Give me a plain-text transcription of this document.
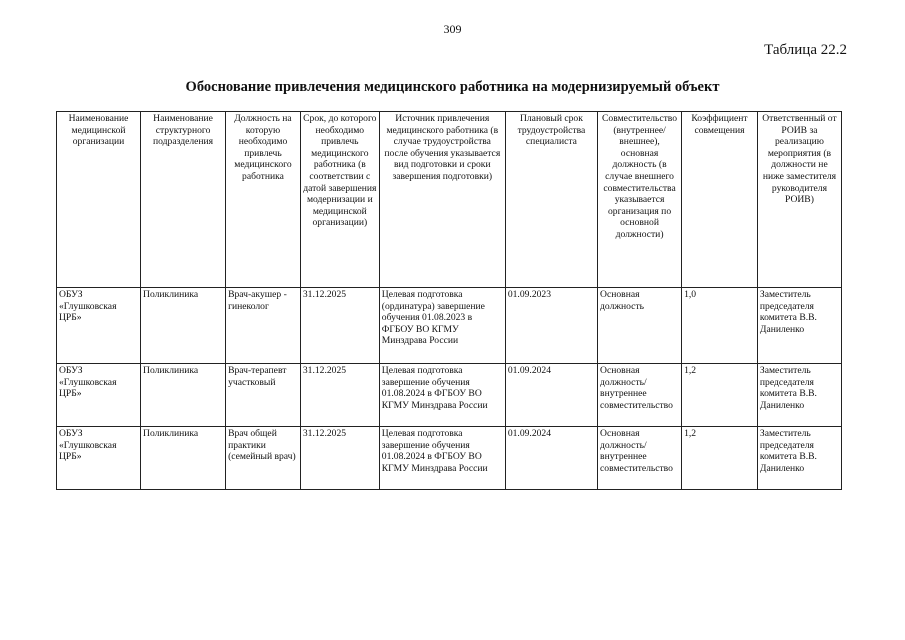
309
Таблица 22.2
Обоснование привлечения медицинского работника на модернизируемый объект
Наименование медицинской организации	Наименование структурного подразделения	Должность на которую необходимо привлечь медицинского работника	Срок, до которого необходимо привлечь медицинского работника (в соответствии с датой завершения модернизации и медицинской организации)	Источник привлечения медицинского работника (в случае трудоустройства после обучения указывается вид подготовки и сроки завершения подготовки)	Плановый срок трудоустройства специалиста	Совместительство (внутреннее/ внешнее), основная должность (в случае внешнего совместительства указывается организация по основной должности)	Коэффициент совмещения	Ответственный от РОИВ за реализацию мероприятия (в должности не ниже заместителя руководителя РОИВ)
ОБУЗ «Глушковская ЦРБ»	Поликлиника	Врач-акушер - гинеколог	31.12.2025	Целевая подготовка (ординатура) завершение обучения 01.08.2023 в ФГБОУ ВО КГМУ Минздрава России	01.09.2023	Основная должность	1,0	Заместитель председателя комитета В.В. Даниленко
ОБУЗ «Глушковская ЦРБ»	Поликлиника	Врач-терапевт участковый	31.12.2025	Целевая подготовка завершение обучения 01.08.2024 в ФГБОУ ВО КГМУ Минздрава России	01.09.2024	Основная должность/ внутреннее совместительство	1,2	Заместитель председателя комитета В.В. Даниленко
ОБУЗ «Глушковская ЦРБ»	Поликлиника	Врач общей практики (семейный врач)	31.12.2025	Целевая подготовка завершение обучения 01.08.2024 в ФГБОУ ВО КГМУ Минздрава России	01.09.2024	Основная должность/ внутреннее совместительство	1,2	Заместитель председателя комитета В.В. Даниленко
